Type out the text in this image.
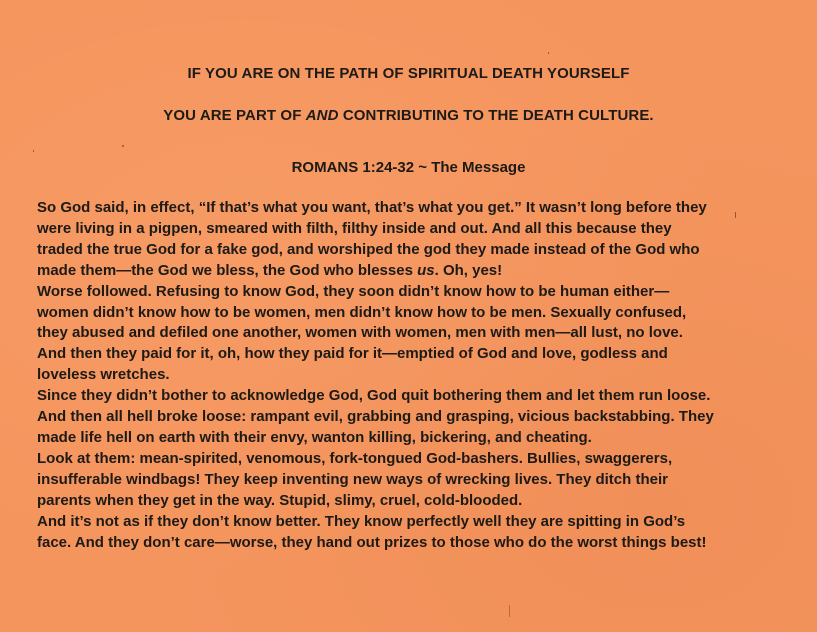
IF YOU ARE ON THE PATH OF SPIRITUAL DEATH YOURSELF
YOU ARE PART OF AND CONTRIBUTING TO THE DEATH CULTURE.
ROMANS 1:24-32 ~ The Message
So God said, in effect, “If that’s what you want, that’s what you get.” It wasn’t long before they
were living in a pigpen, smeared with filth, filthy inside and out. And all this because they
traded the true God for a fake god, and worshiped the god they made instead of the God who
made them—the God we bless, the God who blesses us. Oh, yes!
Worse followed. Refusing to know God, they soon didn’t know how to be human either—
women didn’t know how to be women, men didn’t know how to be men. Sexually confused,
they abused and defiled one another, women with women, men with men—all lust, no love.
And then they paid for it, oh, how they paid for it—emptied of God and love, godless and
loveless wretches.
Since they didn’t bother to acknowledge God, God quit bothering them and let them run loose.
And then all hell broke loose: rampant evil, grabbing and grasping, vicious backstabbing. They
made life hell on earth with their envy, wanton killing, bickering, and cheating.
Look at them: mean-spirited, venomous, fork-tongued God-bashers. Bullies, swaggerers,
insufferable windbags! They keep inventing new ways of wrecking lives. They ditch their
parents when they get in the way. Stupid, slimy, cruel, cold-blooded.
And it’s not as if they don’t know better. They know perfectly well they are spitting in God’s
face. And they don’t care—worse, they hand out prizes to those who do the worst things best!
